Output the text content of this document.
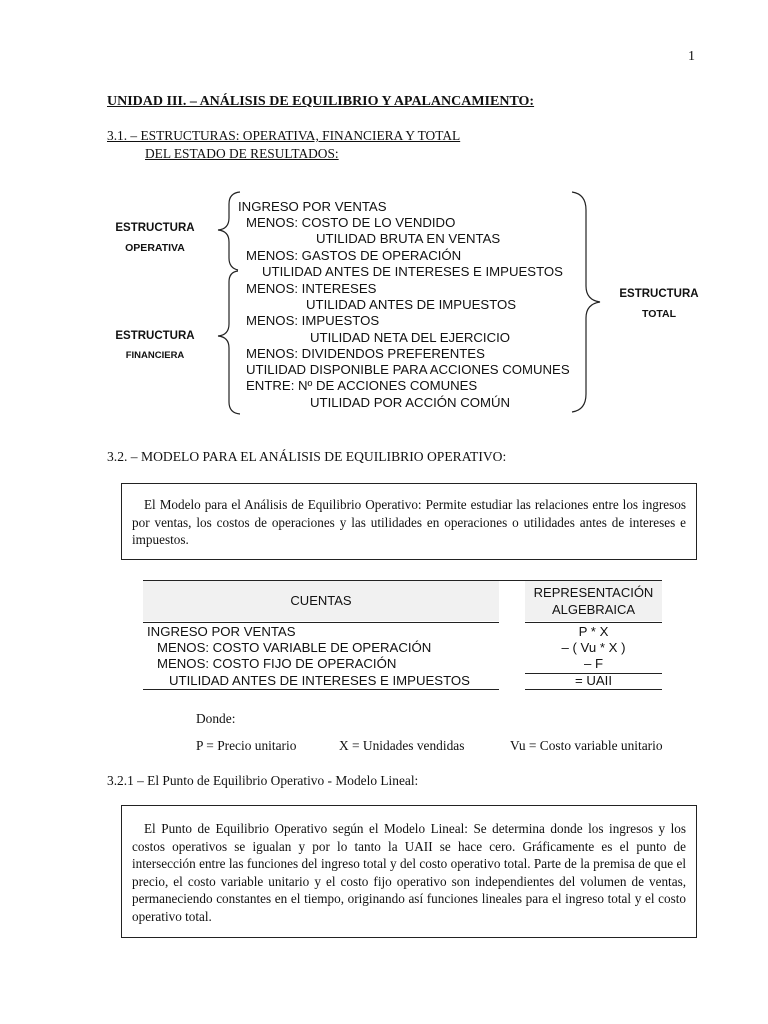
1
UNIDAD III. – ANÁLISIS DE EQUILIBRIO Y APALANCAMIENTO:
3.1. – ESTRUCTURAS: OPERATIVA, FINANCIERA Y TOTAL
DEL ESTADO DE RESULTADOS:
ESTRUCTURA
OPERATIVA
ESTRUCTURA
FINANCIERA
ESTRUCTURA
TOTAL
INGRESO POR VENTAS
MENOS: COSTO DE LO VENDIDO
UTILIDAD BRUTA EN VENTAS
MENOS: GASTOS DE OPERACIÓN
UTILIDAD ANTES DE INTERESES E IMPUESTOS
MENOS: INTERESES
UTILIDAD ANTES DE IMPUESTOS
MENOS: IMPUESTOS
UTILIDAD NETA DEL EJERCICIO
MENOS: DIVIDENDOS PREFERENTES
UTILIDAD DISPONIBLE PARA ACCIONES COMUNES
ENTRE: Nº DE ACCIONES COMUNES
UTILIDAD POR ACCIÓN COMÚN
3.2. – MODELO PARA EL ANÁLISIS DE EQUILIBRIO OPERATIVO:

El Modelo para el Análisis de Equilibrio Operativo: Permite estudiar las relaciones entre los ingresos por ventas, los costos de operaciones y las utilidades en operaciones o utilidades antes de intereses e impuestos.

CUENTAS
REPRESENTACIÓN
ALGEBRAICA
INGRESO POR VENTAS
MENOS: COSTO VARIABLE DE OPERACIÓN
MENOS: COSTO FIJO DE OPERACIÓN
UTILIDAD ANTES DE INTERESES E IMPUESTOS
P * X
– ( Vu * X )
– F
= UAII
Donde:
P = Precio unitario	X = Unidades vendidas	Vu = Costo variable unitario
3.2.1 – El Punto de Equilibrio Operativo - Modelo Lineal:

El Punto de Equilibrio Operativo según el Modelo Lineal: Se determina donde los ingresos y los costos operativos se igualan y por lo tanto la UAII se hace cero. Gráficamente es el punto de intersección entre las funciones del ingreso total y del costo operativo total. Parte de la premisa de que el precio, el costo variable unitario y el costo fijo operativo son independientes del volumen de ventas, permaneciendo constantes en el tiempo, originando así funciones lineales para el ingreso total y el costo operativo total.
